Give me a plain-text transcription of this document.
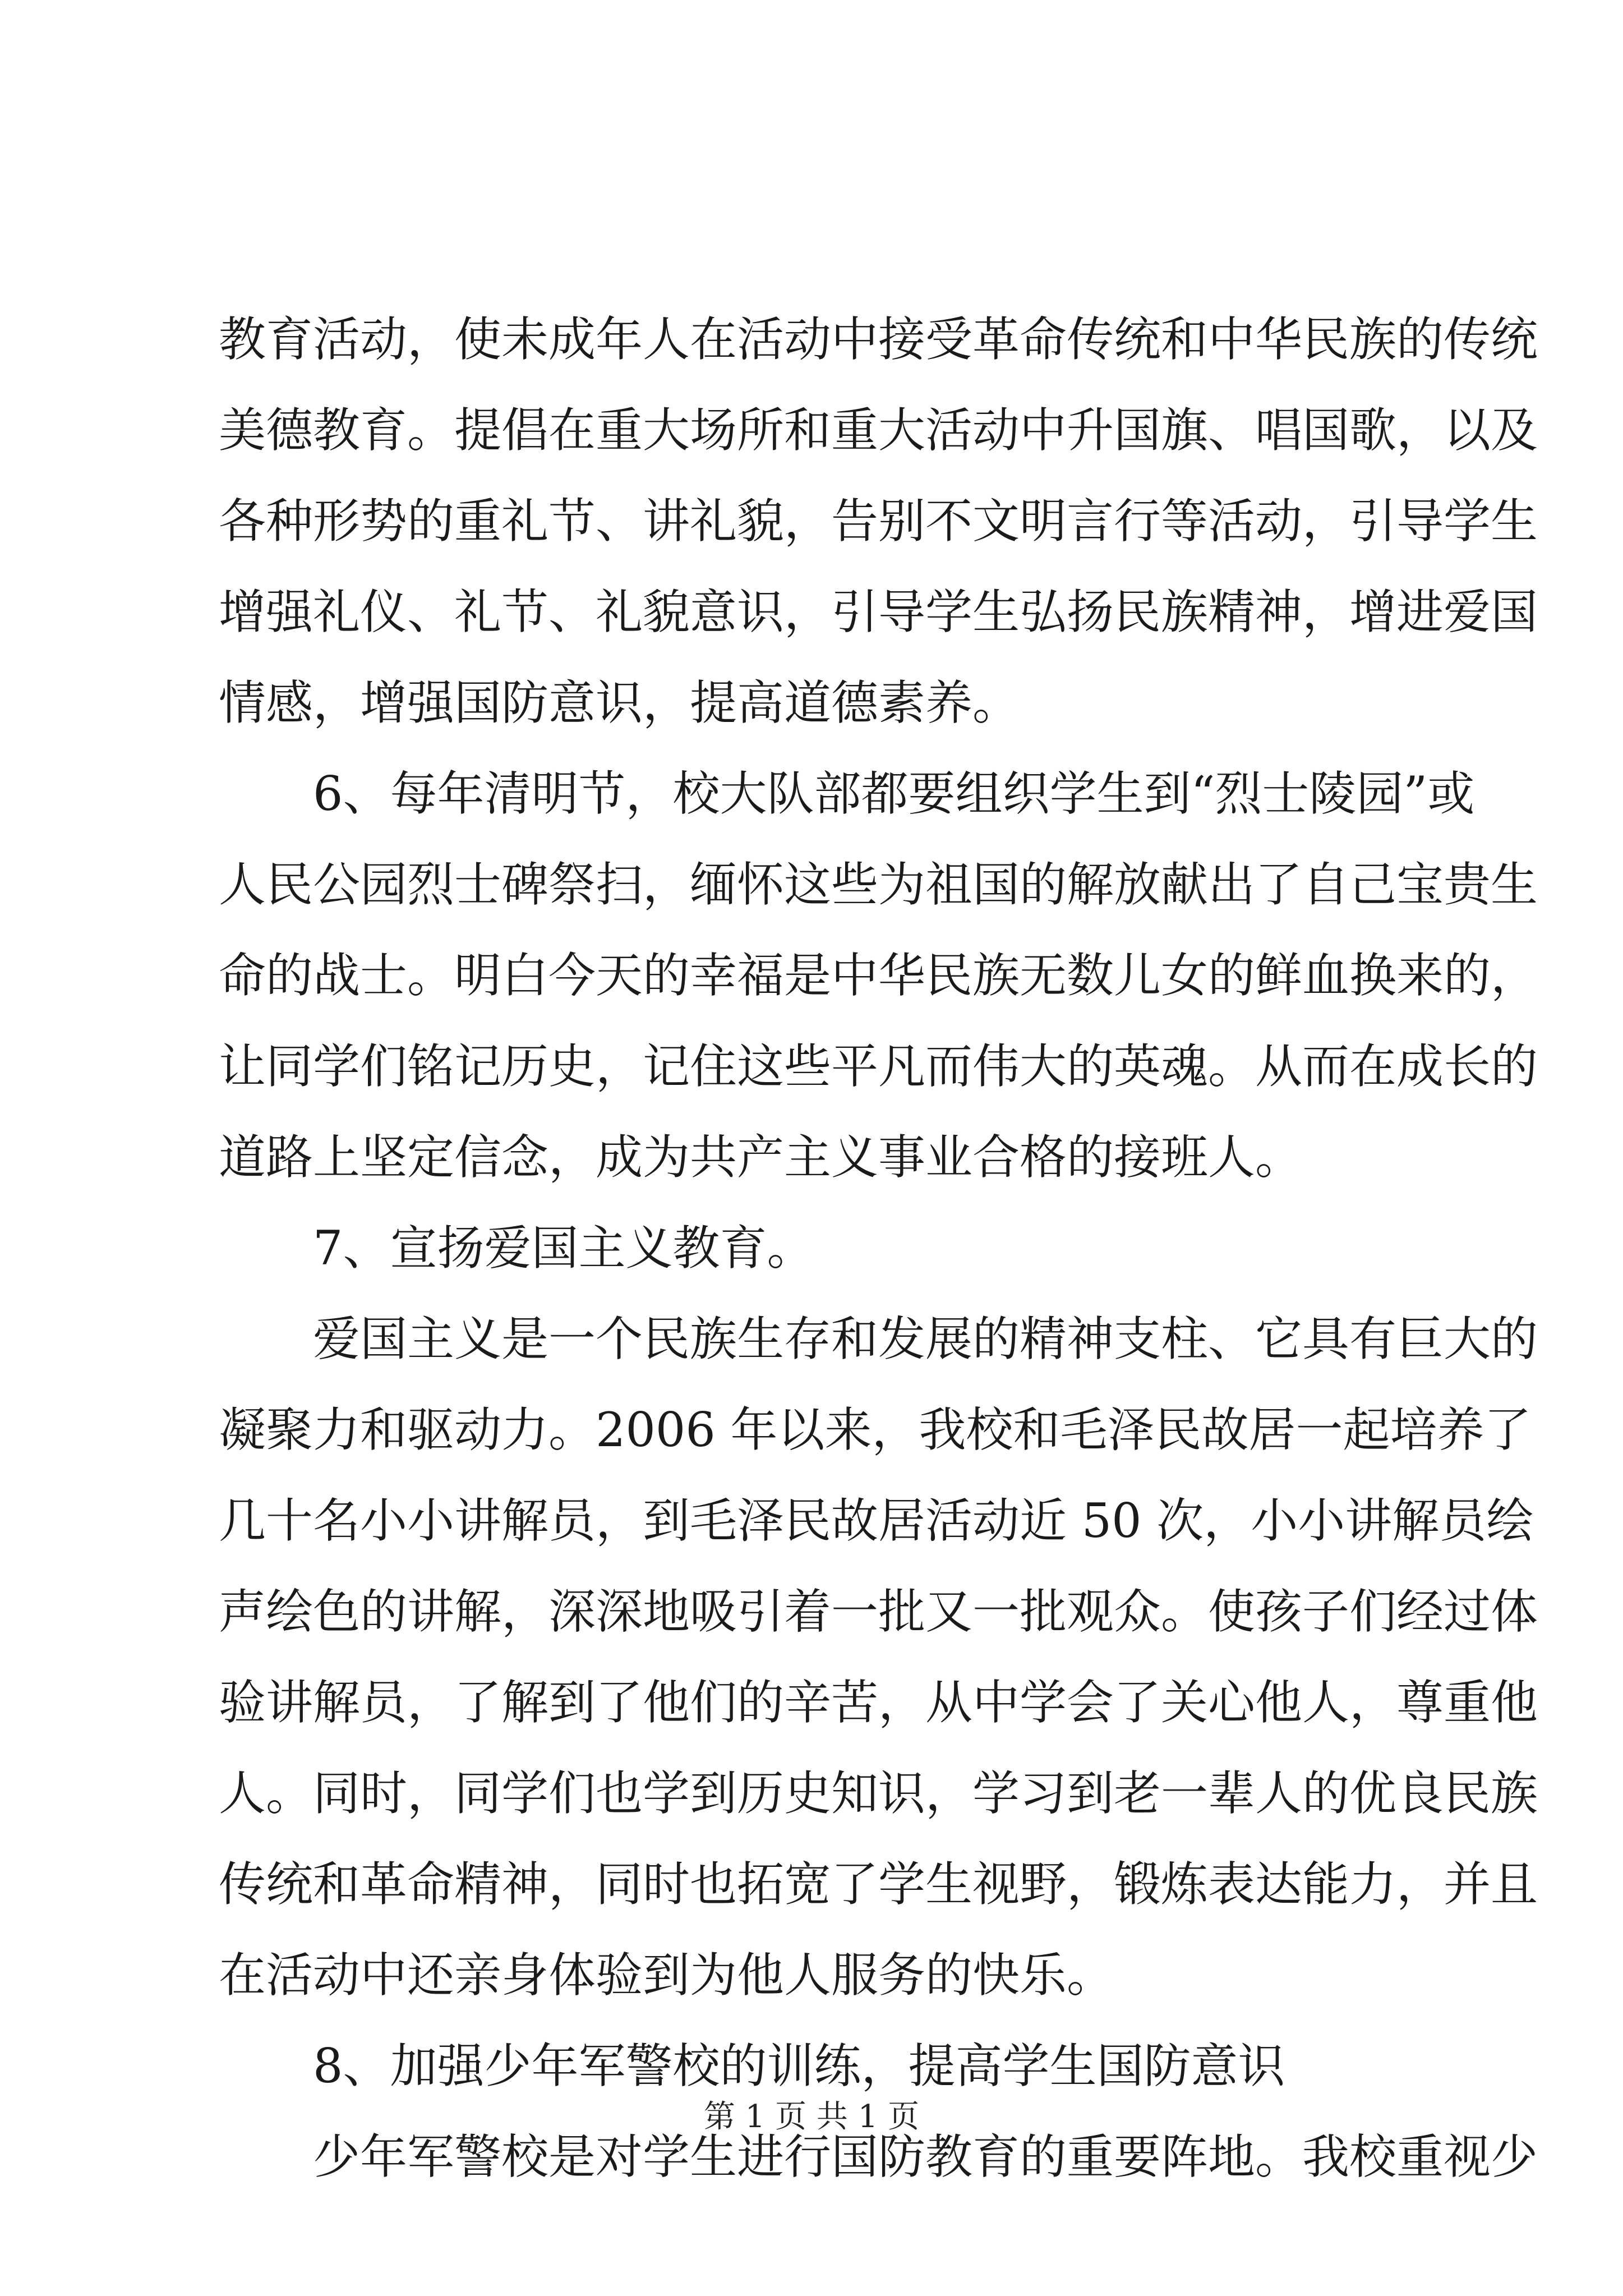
教育活动，使未成年人在活动中接受革命传统和中华民族的传统
美德教育。提倡在重大场所和重大活动中升国旗、唱国歌，以及
各种形势的重礼节、讲礼貌，告别不文明言行等活动，引导学生
增强礼仪、礼节、礼貌意识，引导学生弘扬民族精神，增进爱国
情感，增强国防意识，提高道德素养。
6、每年清明节，校大队部都要组织学生到“烈士陵园”或
人民公园烈士碑祭扫，缅怀这些为祖国的解放献出了自己宝贵生
命的战士。明白今天的幸福是中华民族无数儿女的鲜血换来的，
让同学们铭记历史，记住这些平凡而伟大的英魂。从而在成长的
道路上坚定信念，成为共产主义事业合格的接班人。
7、宣扬爱国主义教育。
爱国主义是一个民族生存和发展的精神支柱、它具有巨大的
凝聚力和驱动力。2006 年以来，我校和毛泽民故居一起培养了
几十名小小讲解员，到毛泽民故居活动近 50 次，小小讲解员绘
声绘色的讲解，深深地吸引着一批又一批观众。使孩子们经过体
验讲解员，了解到了他们的辛苦，从中学会了关心他人，尊重他
人。同时，同学们也学到历史知识，学习到老一辈人的优良民族
传统和革命精神，同时也拓宽了学生视野，锻炼表达能力，并且
在活动中还亲身体验到为他人服务的快乐。
8、加强少年军警校的训练，提高学生国防意识
少年军警校是对学生进行国防教育的重要阵地。我校重视少
第 1 页 共 1 页
